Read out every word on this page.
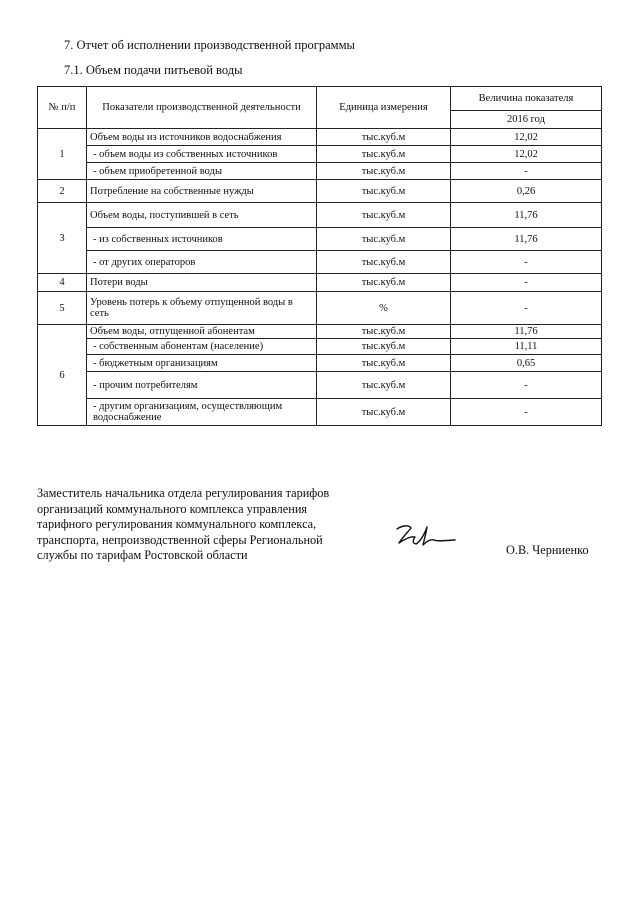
7. Отчет об исполнении производственной программы
7.1. Объем подачи питьевой воды
№ п/п	Показатели производственной деятельности	Единица измерения	Величина показателя
			2016 год
1	Объем воды из источников водоснабжения	тыс.куб.м	12,02
	- объем воды из собственных источников	тыс.куб.м	12,02
	- объем приобретенной воды	тыс.куб.м	-
2	Потребление на собственные нужды	тыс.куб.м	0,26
3	Объем воды, поступившей в сеть	тыс.куб.м	11,76
	- из собственных источников	тыс.куб.м	11,76
	- от других операторов	тыс.куб.м	-
4	Потери воды	тыс.куб.м	-
5	Уровень потерь к объему отпущенной воды в сеть	%	-
6	Объем воды, отпущенной абонентам	тыс.куб.м	11,76
	- собственным абонентам (население)	тыс.куб.м	11,11
	- бюджетным организациям	тыс.куб.м	0,65
	- прочим потребителям	тыс.куб.м	-
	- другим организациям, осуществляющим водоснабжение	тыс.куб.м	-
Заместитель начальника отдела регулирования тарифов
организаций коммунального комплекса управления
тарифного регулирования коммунального комплекса,
транспорта, непроизводственной сферы Региональной
службы по тарифам Ростовской области	О.В. Черниенко
